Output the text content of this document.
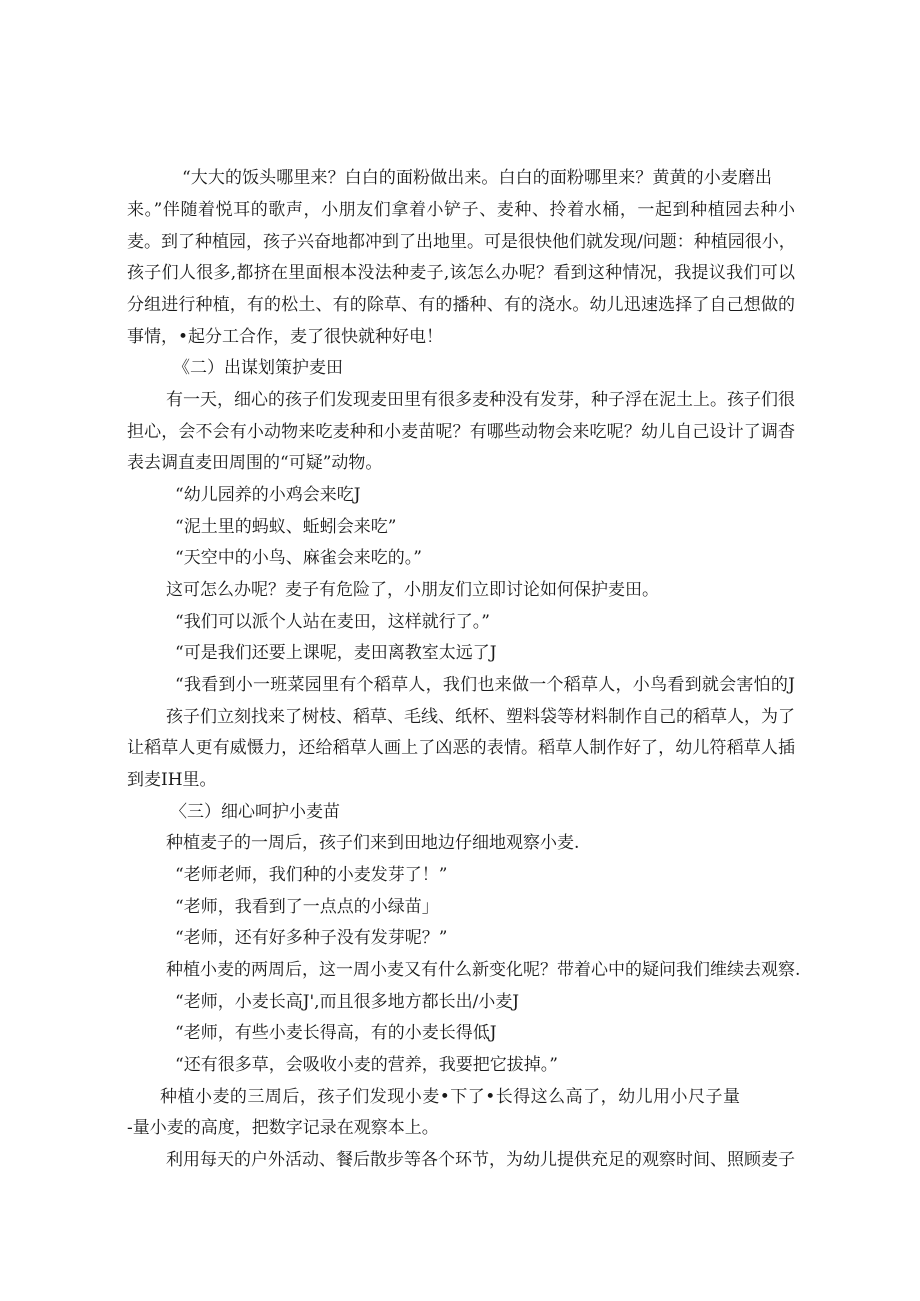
“大大的饭头哪里来？白白的面粉做出来。白白的面粉哪里来？黄黄的小麦磨出
来。”伴随着悦耳的歌声，小朋友们拿着小铲子、麦种、拎着水桶，一起到种植园去种小
麦。到了种植园，孩子兴奋地都冲到了出地里。可是很快他们就发现/问题：种植园很小，
孩子们人很多,都挤在里面根本没法种麦子,该怎么办呢？看到这种情况，我提议我们可以
分组进行种植，有的松土、有的除草、有的播种、有的浇水。幼儿迅速选择了自己想做的
事情，•起分工合作，麦了很快就种好电！
《二）出谋划策护麦田
有一天，细心的孩子们发现麦田里有很多麦种没有发芽，种子浮在泥土上。孩子们很
担心，会不会有小动物来吃麦种和小麦苗呢？有哪些动物会来吃呢？幼儿自己设计了调杳
表去调直麦田周围的“可疑”动物。
“幼儿园养的小鸡会来吃J
“泥土里的蚂蚁、蚯蚓会来吃”
“天空中的小鸟、麻雀会来吃的。”
这可怎么办呢？麦子有危险了，小朋友们立即讨论如何保护麦田。
“我们可以派个人站在麦田，这样就行了。”
“可是我们还要上课呢，麦田离教室太远了J
“我看到小一班菜园里有个稻草人，我们也来做一个稻草人，小鸟看到就会害怕的J
孩子们立刻找来了树枝、稻草、毛线、纸杯、塑料袋等材料制作自己的稻草人，为了
让稻草人更有威慑力，还给稻草人画上了凶恶的表情。稻草人制作好了，幼儿符稻草人插
到麦IH里。
〈三）细心呵护小麦苗
种植麦子的一周后，孩子们来到田地边仔细地观察小麦.
“老师老师，我们种的小麦发芽了！”
“老师，我看到了一点点的小绿苗」
“老师，还有好多种子没有发芽呢？”
种植小麦的两周后，这一周小麦又有什么新变化呢？带着心中的疑问我们维续去观察.
“老师，小麦长高J',而且很多地方都长出/小麦J
“老师，有些小麦长得高，有的小麦长得低J
“还有很多草，会吸收小麦的营养，我要把它拔掉。”
种植小麦的三周后，孩子们发现小麦•下了•长得这么高了，幼儿用小尺子量
-量小麦的高度，把数字记录在观察本上。
利用每天的户外活动、餐后散步等各个环节，为幼儿提供充足的观察时间、照顾麦子
